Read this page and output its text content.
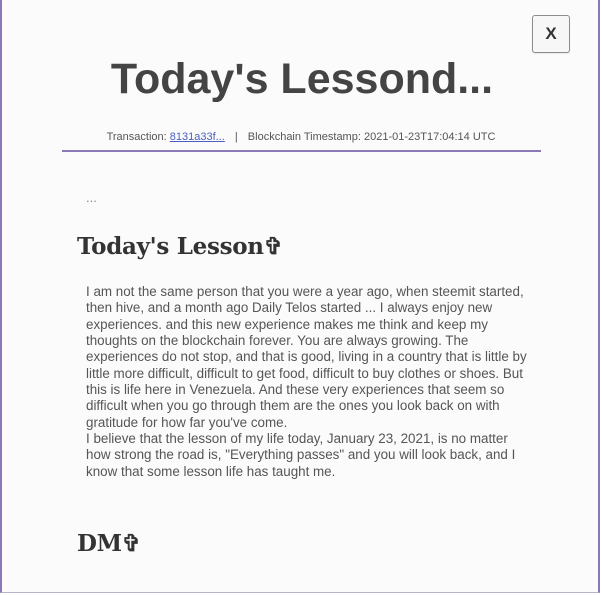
X
Today's Lessond...
Transaction: 8131a33f... | Blockchain Timestamp: 2021-01-23T17:04:14 UTC
...
Today's Lesson✞

I am not the same person that you were a year ago, when steemit started, then hive, and a month ago Daily Telos started ... I always enjoy new experiences. and this new experience makes me think and keep my thoughts on the blockchain forever. You are always growing. The experiences do not stop, and that is good, living in a country that is little by little more difficult, difficult to get food, difficult to buy clothes or shoes. But this is life here in Venezuela. And these very experiences that seem so difficult when you go through them are the ones you look back on with gratitude for how far you've come.

I believe that the lesson of my life today, January 23, 2021, is no matter how strong the road is, "Everything passes" and you will look back, and I know that some lesson life has taught me.

DM✞
